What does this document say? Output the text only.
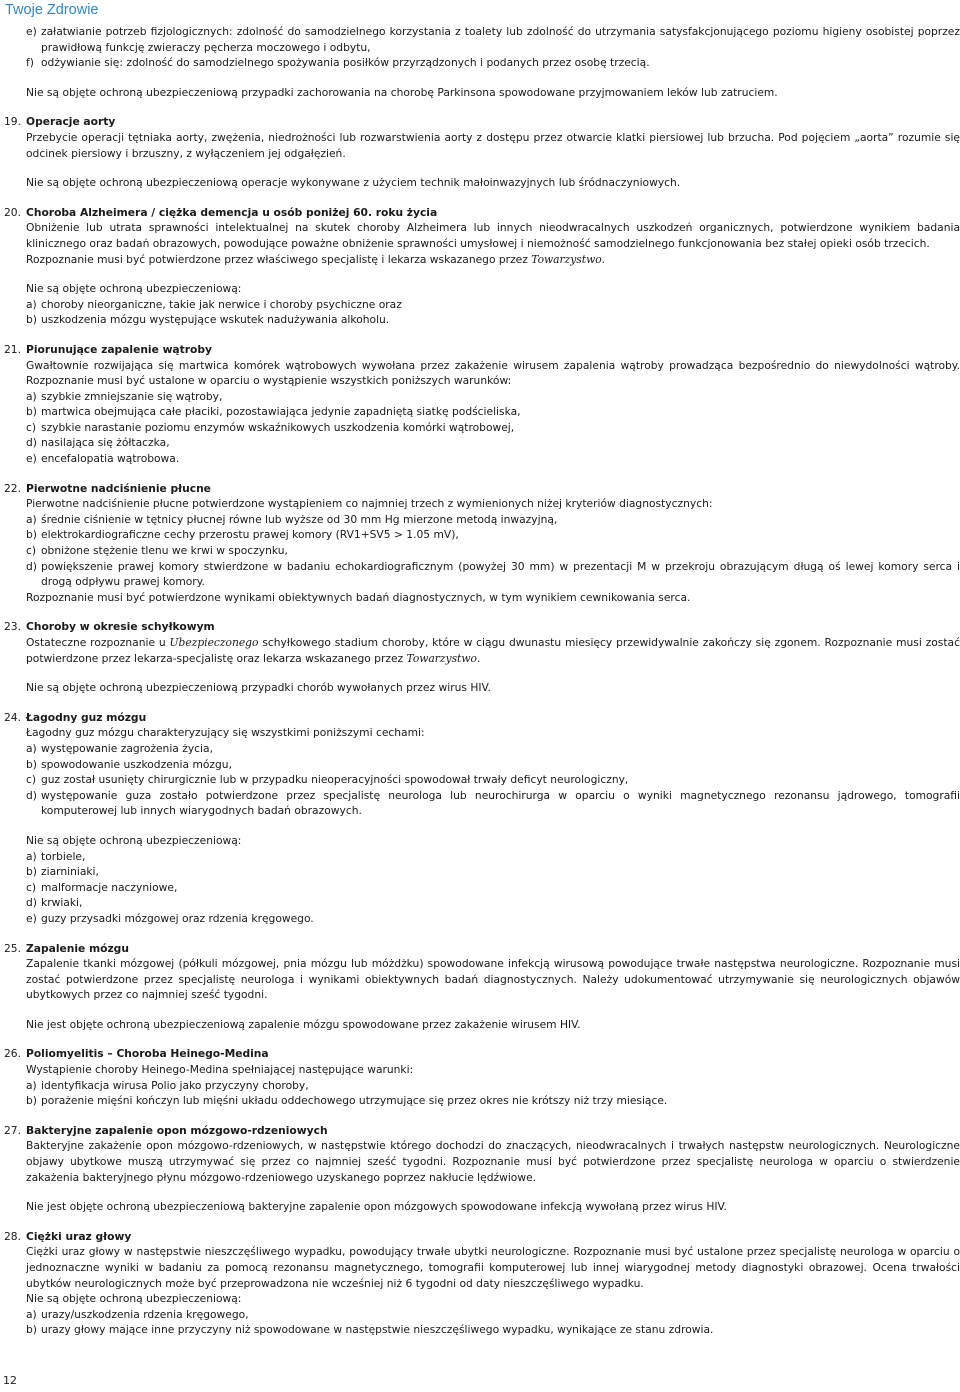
Twoje Zdrowie

e) załatwianie potrzeb fizjologicznych: zdolność do samodzielnego korzystania z toalety lub zdolność do utrzymania satysfakcjonującego poziomu higieny osobistej poprzez prawidłową funkcję zwieraczy pęcherza moczowego i odbytu,

f) odżywianie się: zdolność do samodzielnego spożywania posiłków przyrządzonych i podanych przez osobę trzecią.

Nie są objęte ochroną ubezpieczeniową przypadki zachorowania na chorobę Parkinsona spowodowane przyjmowaniem leków lub zatruciem.

19. Operacje aorty

Przebycie operacji tętniaka aorty, zwężenia, niedrożności lub rozwarstwienia aorty z dostępu przez otwarcie klatki piersiowej lub brzucha. Pod pojęciem „aorta” rozumie się odcinek piersiowy i brzuszny, z wyłączeniem jej odgałęzień.

Nie są objęte ochroną ubezpieczeniową operacje wykonywane z użyciem technik małoinwazyjnych lub śródnaczyniowych.

20. Choroba Alzheimera / ciężka demencja u osób poniżej 60. roku życia

Obniżenie lub utrata sprawności intelektualnej na skutek choroby Alzheimera lub innych nieodwracalnych uszkodzeń organicznych, potwierdzone wynikiem badania klinicznego oraz badań obrazowych, powodujące poważne obniżenie sprawności umysłowej i niemożność samodzielnego funkcjonowania bez stałej opieki osób trzecich.

Rozpoznanie musi być potwierdzone przez właściwego specjalistę i lekarza wskazanego przez Towarzystwo.

Nie są objęte ochroną ubezpieczeniową:

a) choroby nieorganiczne, takie jak nerwice i choroby psychiczne oraz

b) uszkodzenia mózgu występujące wskutek nadużywania alkoholu.

21. Piorunujące zapalenie wątroby

Gwałtownie rozwijająca się martwica komórek wątrobowych wywołana przez zakażenie wirusem zapalenia wątroby prowadząca bezpośrednio do niewydolności wątroby. Rozpoznanie musi być ustalone w oparciu o wystąpienie wszystkich poniższych warunków:

a) szybkie zmniejszanie się wątroby,

b) martwica obejmująca całe płaciki, pozostawiająca jedynie zapadniętą siatkę podścieliska,

c) szybkie narastanie poziomu enzymów wskaźnikowych uszkodzenia komórki wątrobowej,

d) nasilająca się żółtaczka,

e) encefalopatia wątrobowa.

22. Pierwotne nadciśnienie płucne

Pierwotne nadciśnienie płucne potwierdzone wystąpieniem co najmniej trzech z wymienionych niżej kryteriów diagnostycznych:

a) średnie ciśnienie w tętnicy płucnej równe lub wyższe od 30 mm Hg mierzone metodą inwazyjną,

b) elektrokardiograficzne cechy przerostu prawej komory (RV1+SV5 > 1.05 mV),

c) obniżone stężenie tlenu we krwi w spoczynku,

d) powiększenie prawej komory stwierdzone w badaniu echokardiograficznym (powyżej 30 mm) w prezentacji M w przekroju obrazującym długą oś lewej komory serca i drogą odpływu prawej komory.

Rozpoznanie musi być potwierdzone wynikami obiektywnych badań diagnostycznych, w tym wynikiem cewnikowania serca.

23. Choroby w okresie schyłkowym

Ostateczne rozpoznanie u Ubezpieczonego schyłkowego stadium choroby, które w ciągu dwunastu miesięcy przewidywalnie zakończy się zgonem. Rozpoznanie musi zostać potwierdzone przez lekarza-specjalistę oraz lekarza wskazanego przez Towarzystwo.

Nie są objęte ochroną ubezpieczeniową przypadki chorób wywołanych przez wirus HIV.

24. Łagodny guz mózgu

Łagodny guz mózgu charakteryzujący się wszystkimi poniższymi cechami:

a) występowanie zagrożenia życia,

b) spowodowanie uszkodzenia mózgu,

c) guz został usunięty chirurgicznie lub w przypadku nieoperacyjności spowodował trwały deficyt neurologiczny,

d) występowanie guza zostało potwierdzone przez specjalistę neurologa lub neurochirurga w oparciu o wyniki magnetycznego rezonansu jądrowego, tomografii komputerowej lub innych wiarygodnych badań obrazowych.

Nie są objęte ochroną ubezpieczeniową:

a) torbiele,

b) ziarniniaki,

c) malformacje naczyniowe,

d) krwiaki,

e) guzy przysadki mózgowej oraz rdzenia kręgowego.

25. Zapalenie mózgu

Zapalenie tkanki mózgowej (półkuli mózgowej, pnia mózgu lub móżdżku) spowodowane infekcją wirusową powodujące trwałe następstwa neurologiczne. Rozpoznanie musi zostać potwierdzone przez specjalistę neurologa i wynikami obiektywnych badań diagnostycznych. Należy udokumentować utrzymywanie się neurologicznych objawów ubytkowych przez co najmniej sześć tygodni.

Nie jest objęte ochroną ubezpieczeniową zapalenie mózgu spowodowane przez zakażenie wirusem HIV.

26. Poliomyelitis – Choroba Heinego-Medina

Wystąpienie choroby Heinego-Medina spełniającej następujące warunki:

a) identyfikacja wirusa Polio jako przyczyny choroby,

b) porażenie mięśni kończyn lub mięśni układu oddechowego utrzymujące się przez okres nie krótszy niż trzy miesiące.

27. Bakteryjne zapalenie opon mózgowo-rdzeniowych

Bakteryjne zakażenie opon mózgowo-rdzeniowych, w następstwie którego dochodzi do znaczących, nieodwracalnych i trwałych następstw neurologicznych. Neurologiczne objawy ubytkowe muszą utrzymywać się przez co najmniej sześć tygodni. Rozpoznanie musi być potwierdzone przez specjalistę neurologa w oparciu o stwierdzenie zakażenia bakteryjnego płynu mózgowo-rdzeniowego uzyskanego poprzez nakłucie lędźwiowe.

Nie jest objęte ochroną ubezpieczeniową bakteryjne zapalenie opon mózgowych spowodowane infekcją wywołaną przez wirus HIV.

28. Ciężki uraz głowy

Ciężki uraz głowy w następstwie nieszczęśliwego wypadku, powodujący trwałe ubytki neurologiczne. Rozpoznanie musi być ustalone przez specjalistę neurologa w oparciu o jednoznaczne wyniki w badaniu za pomocą rezonansu magnetycznego, tomografii komputerowej lub innej wiarygodnej metody diagnostyki obrazowej. Ocena trwałości ubytków neurologicznych może być przeprowadzona nie wcześniej niż 6 tygodni od daty nieszczęśliwego wypadku.

Nie są objęte ochroną ubezpieczeniową:

a) urazy/uszkodzenia rdzenia kręgowego,

b) urazy głowy mające inne przyczyny niż spowodowane w następstwie nieszczęśliwego wypadku, wynikające ze stanu zdrowia.

12
